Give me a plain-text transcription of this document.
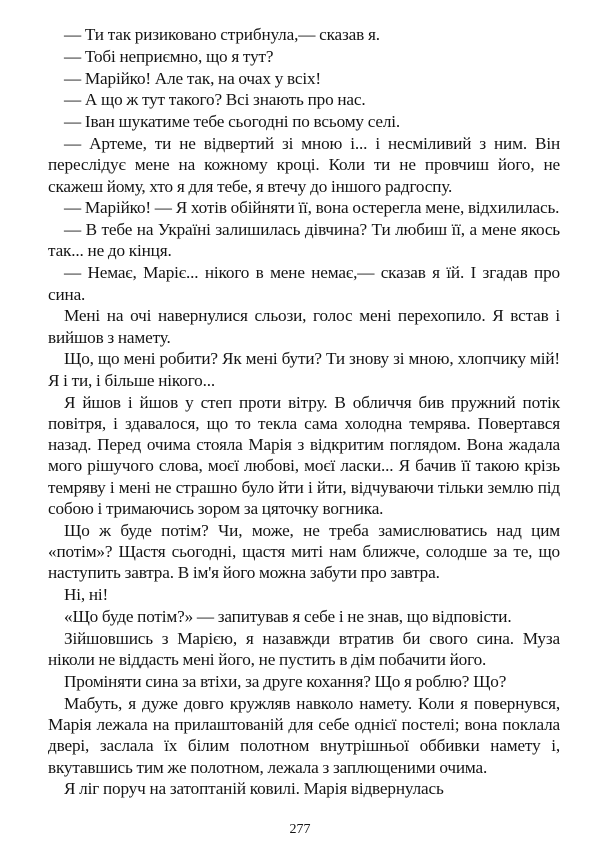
— Ти так ризиковано стрибнула,— сказав я.

— Тобі неприємно, що я тут?

— Марійко! Але так, на очах у всіх!

— А що ж тут такого? Всі знають про нас.

— Іван шукатиме тебе сьогодні по всьому селі.

— Артеме, ти не відвертий зі мною і... і несміливий з ним. Він переслідує мене на кожному кроці. Коли ти не провчиш його, не скажеш йому, хто я для тебе, я втечу до іншого радгоспу.

— Марійко! — Я хотів обійняти її, вона остерегла мене, відхилилась.

— В тебе на Україні залишилась дівчина? Ти любиш її, а мене якось так... не до кінця.

— Немає, Маріє... нікого в мене немає,— сказав я їй. І згадав про сина.

Мені на очі навернулися сльози, голос мені перехопило. Я встав і вийшов з намету.

Що, що мені робити? Як мені бути? Ти знову зі мною, хлопчику мій! Я і ти, і більше нікого...

Я йшов і йшов у степ проти вітру. В обличчя бив пружний потік повітря, і здавалося, що то текла сама холодна темрява. Повертався назад. Перед очима стояла Марія з відкритим поглядом. Вона жадала мого рішучого слова, моєї любові, моєї ласки... Я бачив її такою крізь темряву і мені не страшно було йти і йти, відчуваючи тільки землю під собою і тримаючись зором за цяточку вогника.

Що ж буде потім? Чи, може, не треба замислюватись над цим «потім»? Щастя сьогодні, щастя миті нам ближче, солодше за те, що наступить завтра. В ім'я його можна забути про завтра.

Ні, ні!

«Що буде потім?» — запитував я себе і не знав, що відповісти.

Зійшовшись з Марією, я назавжди втратив би свого сина. Муза ніколи не віддасть мені його, не пустить в дім побачити його.

Проміняти сина за втіхи, за друге кохання? Що я роблю? Що?

Мабуть, я дуже довго кружляв навколо намету. Коли я повернувся, Марія лежала на прилаштованій для себе однієї постелі; вона поклала двері, заслала їх білим полотном внутрішньої оббивки намету і, вкутавшись тим же полотном, лежала з заплющеними очима.

Я ліг поруч на затоптаній ковилі. Марія відвернулась

277
